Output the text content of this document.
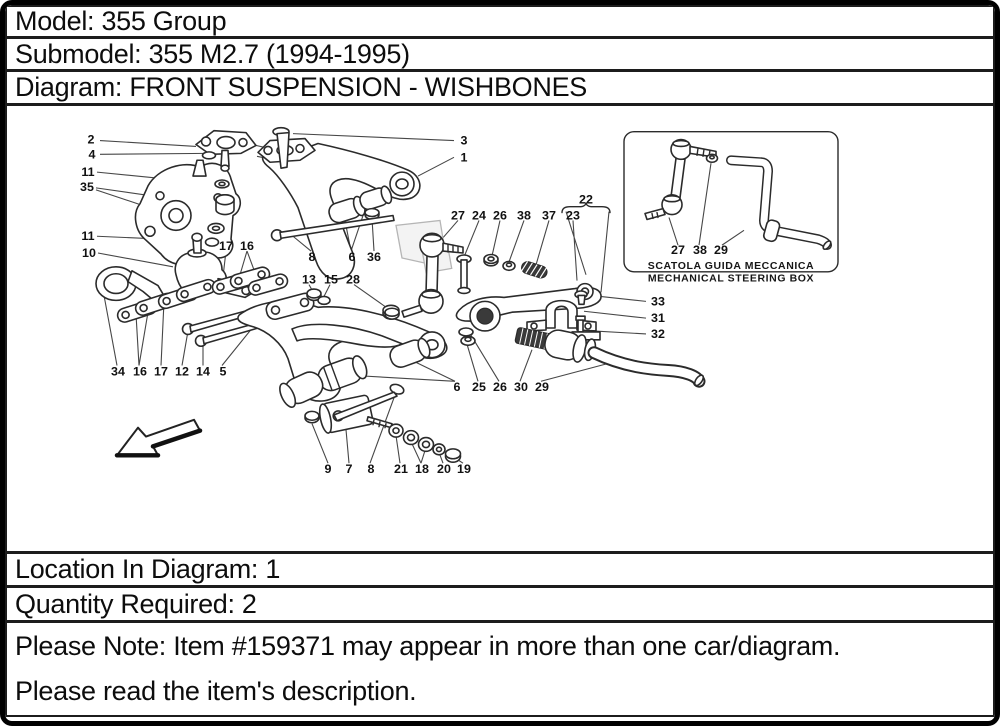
Model: 355 Group
Submodel: 355 M2.7 (1994-1995)
Diagram: FRONT SUSPENSION - WISHBONES
SCATOLA GUIDA MECCANICA
MECHANICAL STEERING BOX
2
4
11
35
11
10	17 16
8	6 36
13 15 28
3
1
27 24 26 38 37 23
22
33
31
32
34 16 17 12 14 5
6 25 26 30 29
9 7 8 21 18 20 19
27 38 29
Location In Diagram: 1
Quantity Required: 2
Please Note: Item #159371 may appear in more than one car/diagram. Please read the item's description.
